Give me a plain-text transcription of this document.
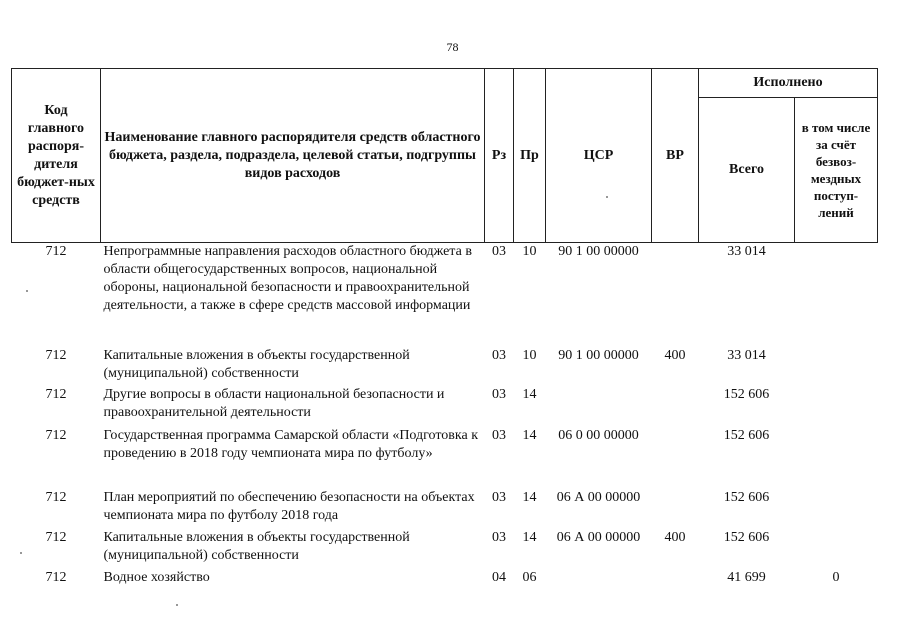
78
Код главного распоря-дителя бюджет-ных средств	Наименование главного распорядителя средств областного бюджета, раздела, подраздела, целевой статьи, подгруппы видов расходов	Рз	Пр	ЦСР	ВР	Исполнено	
						Всего	в том числе за счёт безвоз-мездных поступ-лений
712	Непрограммные направления расходов областного бюджета в области общегосударственных вопросов, национальной обороны, национальной безопасности и правоохранительной деятельности, а также в сфере средств массовой информации	03	10	90 1 00 00000		33 014	
712	Капитальные вложения в объекты государственной (муниципальной) собственности	03	10	90 1 00 00000	400	33 014	
712	Другие вопросы в области национальной безопасности и правоохранительной деятельности	03	14			152 606	
712	Государственная программа Самарской области «Подготовка к проведению в 2018 году чемпионата мира по футболу»	03	14	06 0 00 00000		152 606	
712	План мероприятий по обеспечению безопасности на объектах чемпионата мира по футболу 2018 года	03	14	06 А 00 00000		152 606	
712	Капитальные вложения в объекты государственной (муниципальной) собственности	03	14	06 А 00 00000	400	152 606	
712	Водное хозяйство	04	06			41 699	0
